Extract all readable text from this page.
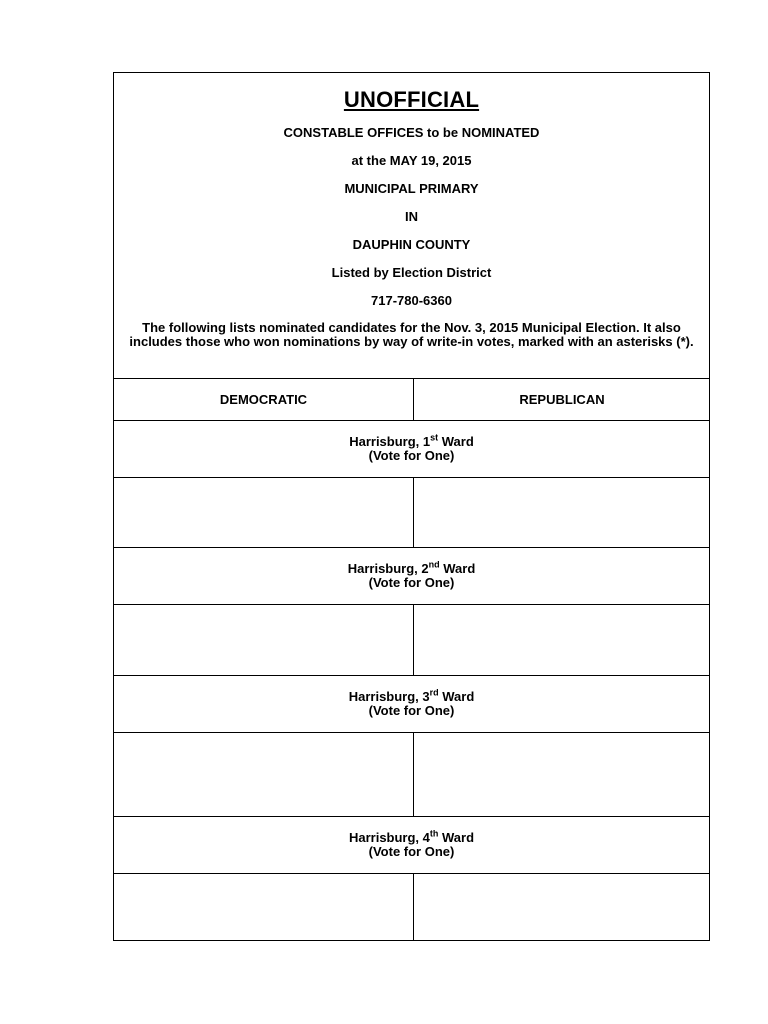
UNOFFICIAL
CONSTABLE OFFICES to be NOMINATED
at the MAY 19, 2015
MUNICIPAL PRIMARY
IN
DAUPHIN COUNTY
Listed by Election District
717-780-6360
The following lists nominated candidates for the Nov. 3, 2015 Municipal Election. It also includes those who won nominations by way of write-in votes, marked with an asterisks (*).
DEMOCRATIC	REPUBLICAN
Harrisburg, 1st Ward
(Vote for One)
Harrisburg, 2nd Ward
(Vote for One)
Harrisburg, 3rd Ward
(Vote for One)
Harrisburg, 4th Ward
(Vote for One)
